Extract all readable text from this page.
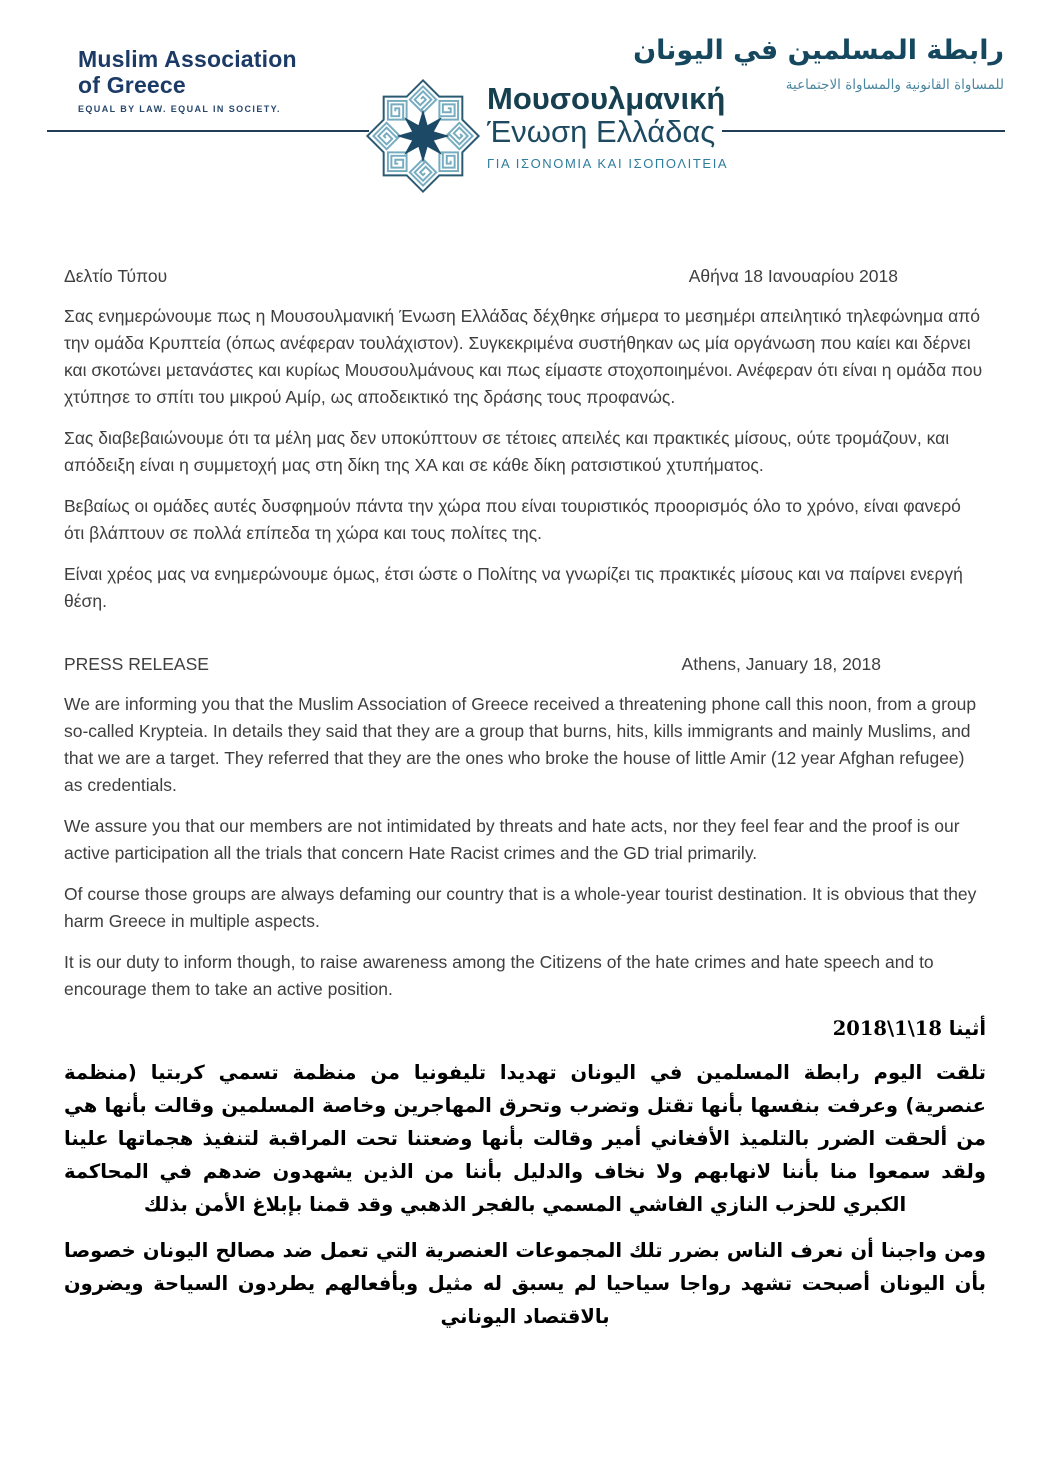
Muslim Association
of Greece
EQUAL BY LAW. EQUAL IN SOCIETY.	Μουσουλμανική
Ένωση Ελλάδας
ΓΙΑ ΙΣΟΝΟΜΙΑ ΚΑΙ ΙΣΟΠΟΛΙΤΕΙΑ
رابطة المسلمين في اليونان
للمساواة القانونية والمساواة الاجتماعية
Δελτίο Τύπου	Αθήνα 18 Ιανουαρίου 2018

Σας ενημερώνουμε πως η Μουσουλμανική Ένωση Ελλάδας δέχθηκε σήμερα το μεσημέρι απειλητικό τηλεφώνημα από την ομάδα Κρυπτεία (όπως ανέφεραν τουλάχιστον). Συγκεκριμένα συστήθηκαν ως μία οργάνωση που καίει και δέρνει και σκοτώνει μετανάστες και κυρίως Μουσουλμάνους και πως είμαστε στοχοποιημένοι. Ανέφεραν ότι είναι η ομάδα που χτύπησε το σπίτι του μικρού Αμίρ, ως αποδεικτικό της δράσης τους προφανώς.

Σας διαβεβαιώνουμε ότι τα μέλη μας δεν υποκύπτουν σε τέτοιες απειλές και πρακτικές μίσους, ούτε τρομάζουν, και απόδειξη είναι η συμμετοχή μας στη δίκη της ΧΑ και σε κάθε δίκη ρατσιστικού χτυπήματος.

Βεβαίως οι ομάδες αυτές δυσφημούν πάντα την χώρα που είναι τουριστικός προορισμός όλο το χρόνο, είναι φανερό ότι βλάπτουν σε πολλά επίπεδα τη χώρα και τους πολίτες της.

Είναι χρέος μας να ενημερώνουμε όμως, έτσι ώστε ο Πολίτης να γνωρίζει τις πρακτικές μίσους και να παίρνει ενεργή θέση.

PRESS RELEASE	Athens, January 18, 2018

We are informing you that the Muslim Association of Greece received a threatening phone call this noon, from a group so-called Krypteia. In details they said that they are a group that burns, hits, kills immigrants and mainly Muslims, and that we are a target. They referred that they are the ones who broke the house of little Amir (12 year Afghan refugee) as credentials.

We assure you that our members are not intimidated by threats and hate acts, nor they feel fear and the proof is our active participation all the trials that concern Hate Racist crimes and the GD trial primarily.

Of course those groups are always defaming our country that is a whole-year tourist destination. It is obvious that they harm Greece in multiple aspects.

It is our duty to inform though, to raise awareness among the Citizens of the hate crimes and hate speech and to encourage them to take an active position.

أثينا 2018\1\18

تلقت اليوم رابطة المسلمين في اليونان تهديدا تليفونيا من منظمة تسمي كربتيا (منظمة عنصرية) وعرفت بنفسها بأنها تقتل وتضرب وتحرق المهاجرين وخاصة المسلمين وقالت بأنها هي من ألحقت الضرر بالتلميذ الأفغاني أمير وقالت بأنها وضعتنا تحت المراقبة لتنفيذ هجماتها علينا ولقد سمعوا منا بأننا لانهابهم ولا نخاف والدليل بأننا من الذين يشهدون ضدهم في المحاكمة الكبري للحزب النازي الفاشي المسمي بالفجر الذهبي وقد قمنا بإبلاغ الأمن بذلك

ومن واجبنا أن نعرف الناس بضرر تلك المجموعات العنصرية التي تعمل ضد مصالح اليونان خصوصا بأن اليونان أصبحت تشهد رواجا سياحيا لم يسبق له مثيل وبأفعالهم يطردون السياحة ويضرون بالاقتصاد اليوناني
